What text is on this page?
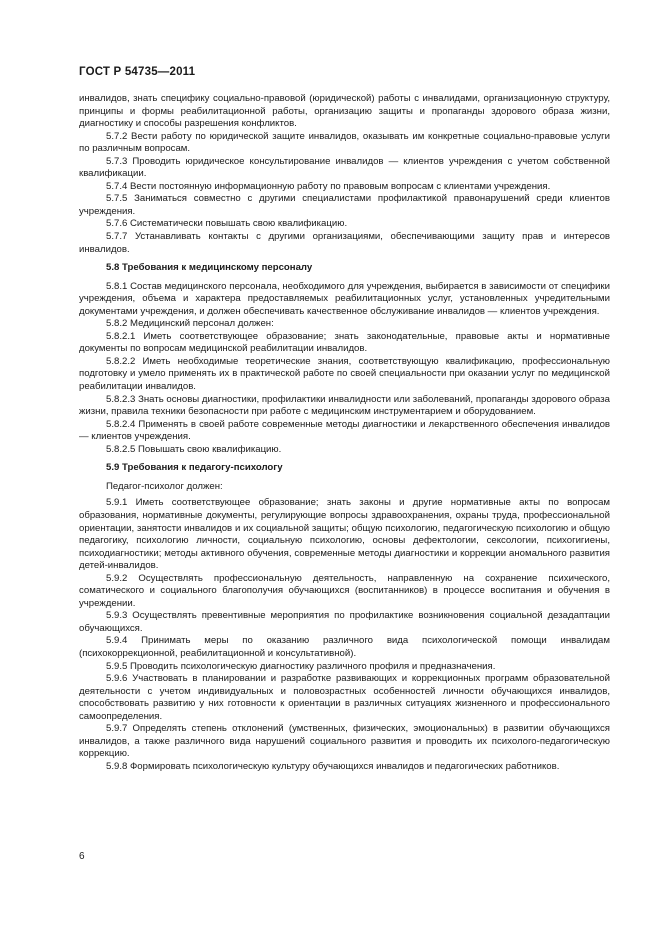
ГОСТ Р 54735—2011

инвалидов, знать специфику социально-правовой (юридической) работы с инвалидами, организационную структуру, принципы и формы реабилитационной работы, организацию защиты и пропаганды здорового образа жизни, диагностику и способы разрешения конфликтов.

5.7.2 Вести работу по юридической защите инвалидов, оказывать им конкретные социально-правовые услуги по различным вопросам.

5.7.3 Проводить юридическое консультирование инвалидов — клиентов учреждения с учетом собственной квалификации.

5.7.4 Вести постоянную информационную работу по правовым вопросам с клиентами учреждения.

5.7.5 Заниматься совместно с другими специалистами профилактикой правонарушений среди клиентов учреждения.

5.7.6 Систематически повышать свою квалификацию.

5.7.7 Устанавливать контакты с другими организациями, обеспечивающими защиту прав и интересов инвалидов.

5.8 Требования к медицинскому персоналу

5.8.1 Состав медицинского персонала, необходимого для учреждения, выбирается в зависимости от специфики учреждения, объема и характера предоставляемых реабилитационных услуг, установленных учредительными документами учреждения, и должен обеспечивать качественное обслуживание инвалидов — клиентов учреждения.

5.8.2 Медицинский персонал должен:

5.8.2.1 Иметь соответствующее образование; знать законодательные, правовые акты и нормативные документы по вопросам медицинской реабилитации инвалидов.

5.8.2.2 Иметь необходимые теоретические знания, соответствующую квалификацию, профессиональную подготовку и умело применять их в практической работе по своей специальности при оказании услуг по медицинской реабилитации инвалидов.

5.8.2.3 Знать основы диагностики, профилактики инвалидности или заболеваний, пропаганды здорового образа жизни, правила техники безопасности при работе с медицинским инструментарием и оборудованием.

5.8.2.4 Применять в своей работе современные методы диагностики и лекарственного обеспечения инвалидов — клиентов учреждения.

5.8.2.5 Повышать свою квалификацию.

5.9 Требования к педагогу-психологу

Педагог-психолог должен:

5.9.1 Иметь соответствующее образование; знать законы и другие нормативные акты по вопросам образования, нормативные документы, регулирующие вопросы здравоохранения, охраны труда, профессиональной ориентации, занятости инвалидов и их социальной защиты; общую психологию, педагогическую психологию и общую педагогику, психологию личности, социальную психологию, основы дефектологии, сексологии, психогигиены, психодиагностики; методы активного обучения, современные методы диагностики и коррекции аномального развития детей-инвалидов.

5.9.2 Осуществлять профессиональную деятельность, направленную на сохранение психического, соматического и социального благополучия обучающихся (воспитанников) в процессе воспитания и обучения в учреждении.

5.9.3 Осуществлять превентивные мероприятия по профилактике возникновения социальной дезадаптации обучающихся.

5.9.4 Принимать меры по оказанию различного вида психологической помощи инвалидам (психокоррекционной, реабилитационной и консультативной).

5.9.5 Проводить психологическую диагностику различного профиля и предназначения.

5.9.6 Участвовать в планировании и разработке развивающих и коррекционных программ образовательной деятельности с учетом индивидуальных и половозрастных особенностей личности обучающихся инвалидов, способствовать развитию у них готовности к ориентации в различных ситуациях жизненного и профессионального самоопределения.

5.9.7 Определять степень отклонений (умственных, физических, эмоциональных) в развитии обучающихся инвалидов, а также различного вида нарушений социального развития и проводить их психолого-педагогическую коррекцию.

5.9.8 Формировать психологическую культуру обучающихся инвалидов и педагогических работников.

6
